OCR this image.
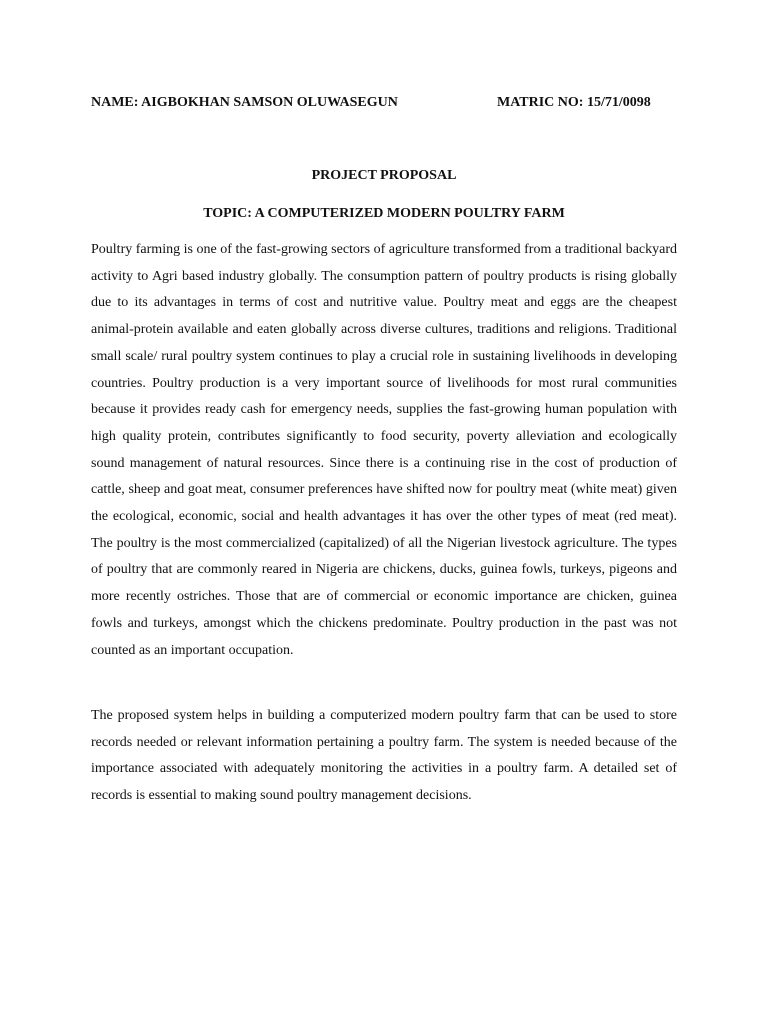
NAME: AIGBOKHAN SAMSON OLUWASEGUN	MATRIC NO: 15/71/0098
PROJECT PROPOSAL
TOPIC: A COMPUTERIZED MODERN POULTRY FARM

Poultry farming is one of the fast-growing sectors of agriculture transformed from a traditional backyard activity to Agri based industry globally. The consumption pattern of poultry products is rising globally due to its advantages in terms of cost and nutritive value. Poultry meat and eggs are the cheapest animal-protein available and eaten globally across diverse cultures, traditions and religions. Traditional small scale/ rural poultry system continues to play a crucial role in sustaining livelihoods in developing countries. Poultry production is a very important source of livelihoods for most rural communities because it provides ready cash for emergency needs, supplies the fast-growing human population with high quality protein, contributes significantly to food security, poverty alleviation and ecologically sound management of natural resources. Since there is a continuing rise in the cost of production of cattle, sheep and goat meat, consumer preferences have shifted now for poultry meat (white meat) given the ecological, economic, social and health advantages it has over the other types of meat (red meat). The poultry is the most commercialized (capitalized) of all the Nigerian livestock agriculture. The types of poultry that are commonly reared in Nigeria are chickens, ducks, guinea fowls, turkeys, pigeons and more recently ostriches. Those that are of commercial or economic importance are chicken, guinea fowls and turkeys, amongst which the chickens predominate. Poultry production in the past was not counted as an important occupation.

The proposed system helps in building a computerized modern poultry farm that can be used to store records needed or relevant information pertaining a poultry farm. The system is needed because of the importance associated with adequately monitoring the activities in a poultry farm. A detailed set of records is essential to making sound poultry management decisions.
